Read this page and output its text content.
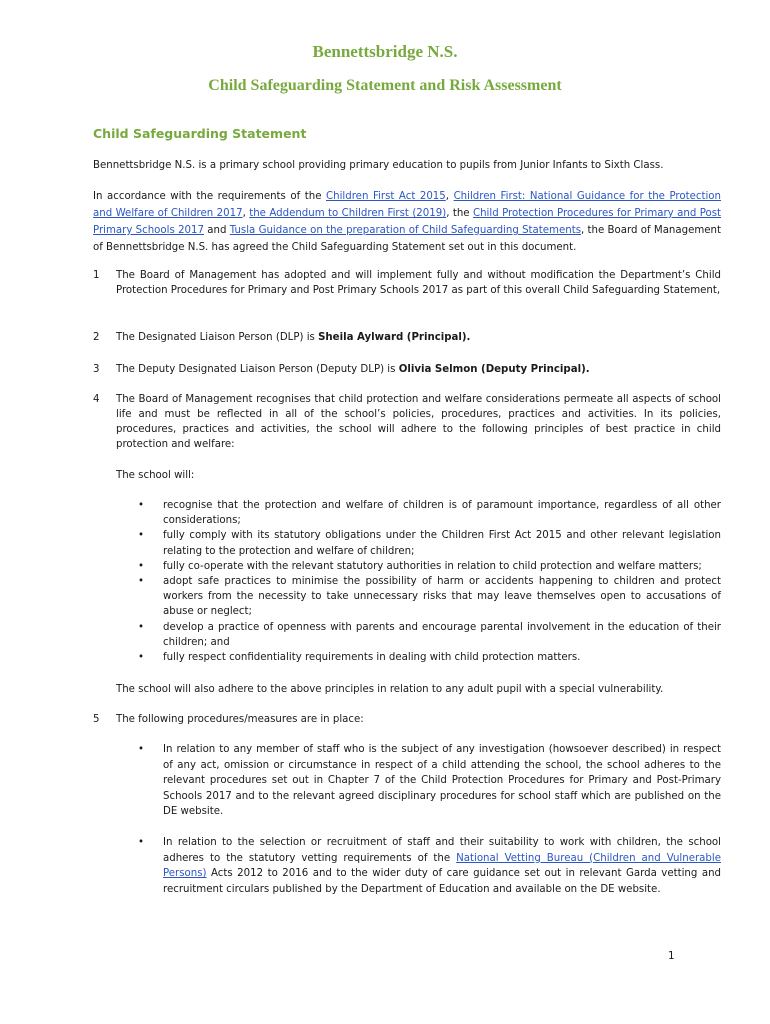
Bennettsbridge N.S.
Child Safeguarding Statement and Risk Assessment
Child Safeguarding Statement
Bennettsbridge N.S. is a primary school providing primary education to pupils from Junior Infants to Sixth Class.
In accordance with the requirements of the Children First Act 2015, Children First: National Guidance for the Protection and Welfare of Children 2017, the Addendum to Children First (2019), the Child Protection Procedures for Primary and Post Primary Schools 2017 and Tusla Guidance on the preparation of Child Safeguarding Statements, the Board of Management of Bennettsbridge N.S. has agreed the Child Safeguarding Statement set out in this document.
1 The Board of Management has adopted and will implement fully and without modification the Department’s Child Protection Procedures for Primary and Post Primary Schools 2017 as part of this overall Child Safeguarding Statement,
2 The Designated Liaison Person (DLP) is Sheila Aylward (Principal).
3 The Deputy Designated Liaison Person (Deputy DLP) is Olivia Selmon (Deputy Principal).
4 The Board of Management recognises that child protection and welfare considerations permeate all aspects of school life and must be reflected in all of the school’s policies, procedures, practices and activities. In its policies, procedures, practices and activities, the school will adhere to the following principles of best practice in child protection and welfare:
The school will:
• recognise that the protection and welfare of children is of paramount importance, regardless of all other considerations;
• fully comply with its statutory obligations under the Children First Act 2015 and other relevant legislation relating to the protection and welfare of children;
• fully co-operate with the relevant statutory authorities in relation to child protection and welfare matters;
• adopt safe practices to minimise the possibility of harm or accidents happening to children and protect workers from the necessity to take unnecessary risks that may leave themselves open to accusations of abuse or neglect;
• develop a practice of openness with parents and encourage parental involvement in the education of their children; and
• fully respect confidentiality requirements in dealing with child protection matters.
The school will also adhere to the above principles in relation to any adult pupil with a special vulnerability.
5 The following procedures/measures are in place:
• In relation to any member of staff who is the subject of any investigation (howsoever described) in respect of any act, omission or circumstance in respect of a child attending the school, the school adheres to the relevant procedures set out in Chapter 7 of the Child Protection Procedures for Primary and Post-Primary Schools 2017 and to the relevant agreed disciplinary procedures for school staff which are published on the DE website.
• In relation to the selection or recruitment of staff and their suitability to work with children, the school adheres to the statutory vetting requirements of the National Vetting Bureau (Children and Vulnerable Persons) Acts 2012 to 2016 and to the wider duty of care guidance set out in relevant Garda vetting and recruitment circulars published by the Department of Education and available on the DE website.
1
